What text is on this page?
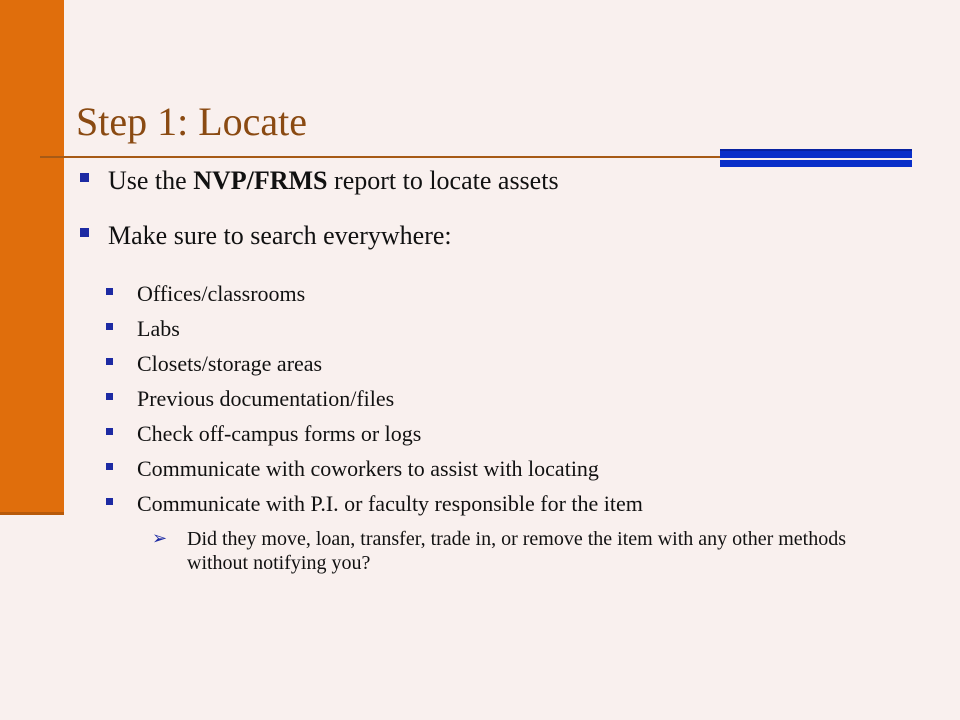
Step 1: Locate
Use the NVP/FRMS report to locate assets
Make sure to search everywhere:
Offices/classrooms
Labs
Closets/storage areas
Previous documentation/files
Check off-campus forms or logs
Communicate with coworkers to assist with locating
Communicate with P.I. or faculty responsible for the item
➢ Did they move, loan, transfer, trade in, or remove the item with any other methods without notifying you?
